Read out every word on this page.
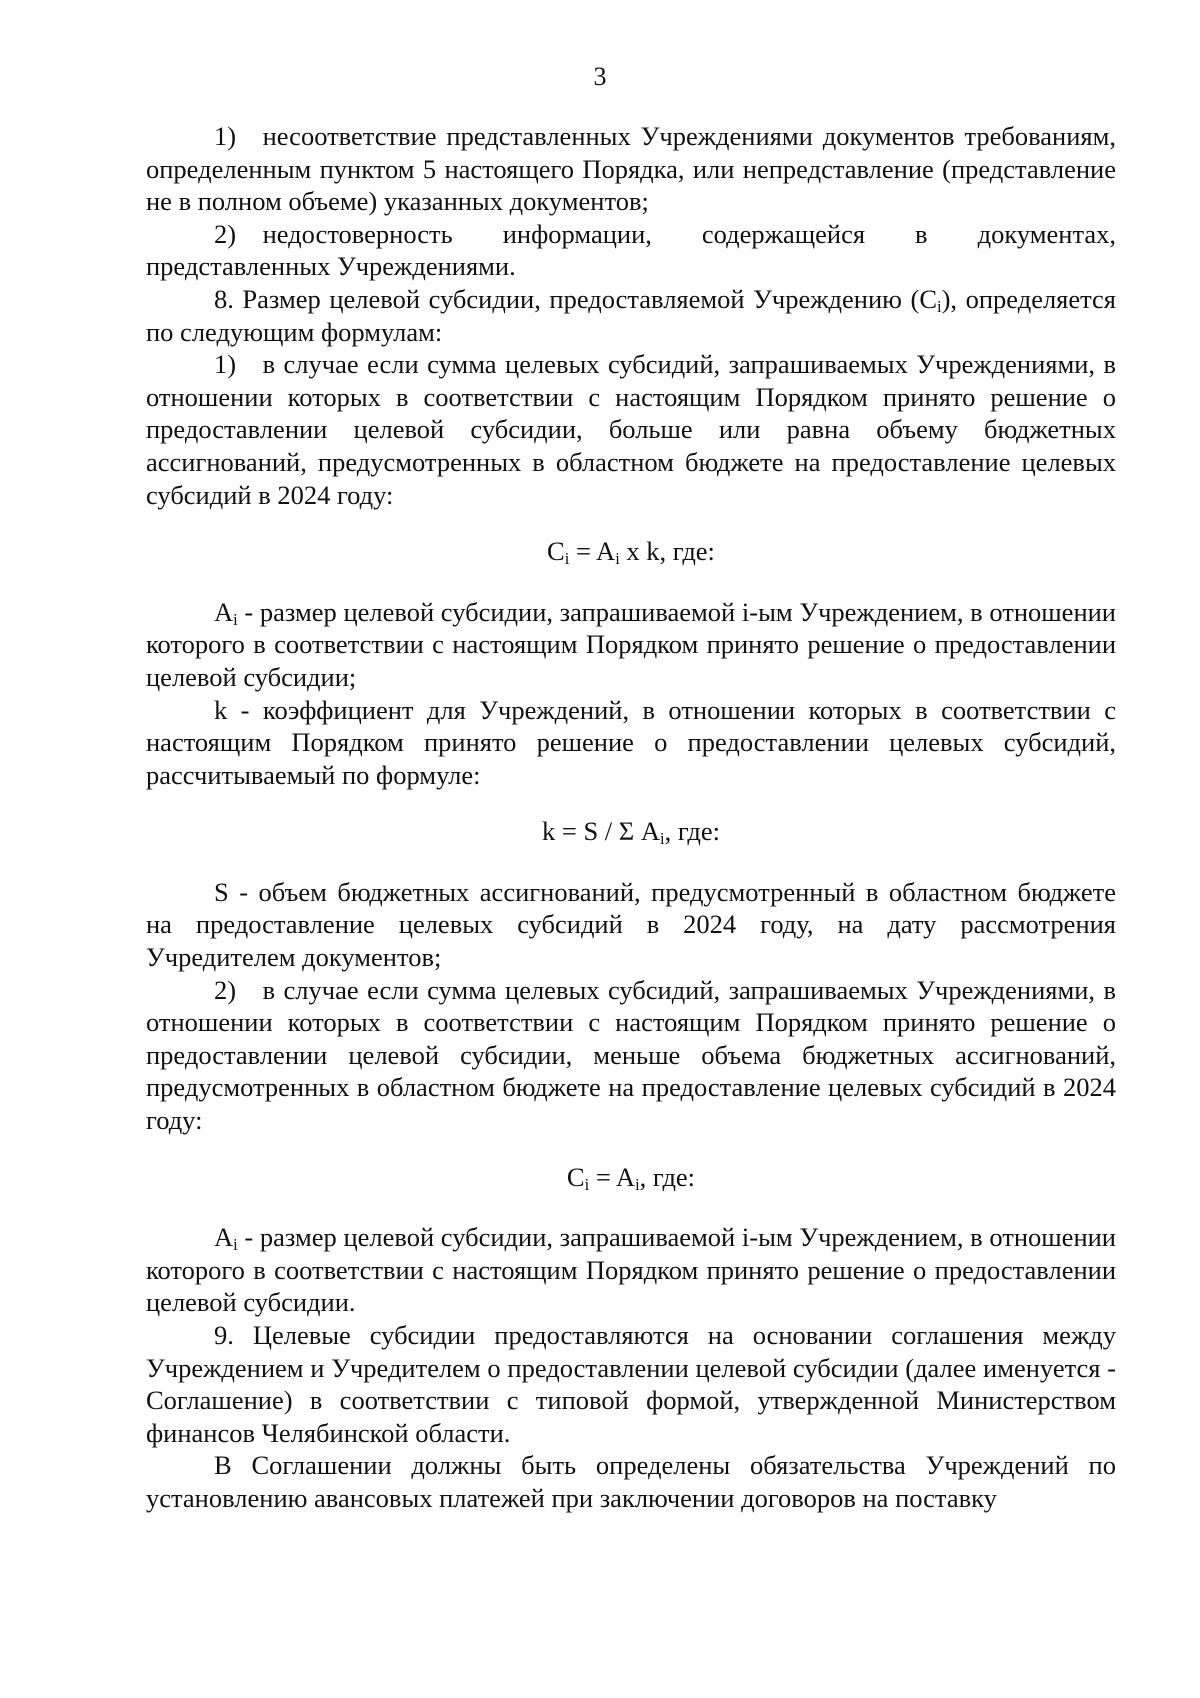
3

1) несоответствие представленных Учреждениями документов требованиям, определенным пунктом 5 настоящего Порядка, или непредставление (представление не в полном объеме) указанных документов;

2) недостоверность информации, содержащейся в документах, представленных Учреждениями.

8. Размер целевой субсидии, предоставляемой Учреждению $(C_i)$, определяется по следующим формулам:

1) в случае если сумма целевых субсидий, запрашиваемых Учреждениями, в отношении которых в соответствии с настоящим Порядком принято решение о предоставлении целевой субсидии, больше или равна объему бюджетных ассигнований, предусмотренных в областном бюджете на предоставление целевых субсидий в 2024 году:

$C_i = A_i$ x k, где:

$A_i$ - размер целевой субсидии, запрашиваемой i-ым Учреждением, в отношении которого в соответствии с настоящим Порядком принято решение о предоставлении целевой субсидии;

k - коэффициент для Учреждений, в отношении которых в соответствии с настоящим Порядком принято решение о предоставлении целевых субсидий, рассчитываемый по формуле:

k = S / Σ $A_i$, где:

S - объем бюджетных ассигнований, предусмотренный в областном бюджете на предоставление целевых субсидий в 2024 году, на дату рассмотрения Учредителем документов;

2) в случае если сумма целевых субсидий, запрашиваемых Учреждениями, в отношении которых в соответствии с настоящим Порядком принято решение о предоставлении целевой субсидии, меньше объема бюджетных ассигнований, предусмотренных в областном бюджете на предоставление целевых субсидий в 2024 году:

$C_i = A_i$, где:

$A_i$ - размер целевой субсидии, запрашиваемой i-ым Учреждением, в отношении которого в соответствии с настоящим Порядком принято решение о предоставлении целевой субсидии.

9. Целевые субсидии предоставляются на основании соглашения между Учреждением и Учредителем о предоставлении целевой субсидии (далее именуется - Соглашение) в соответствии с типовой формой, утвержденной Министерством финансов Челябинской области.

В Соглашении должны быть определены обязательства Учреждений по установлению авансовых платежей при заключении договоров на поставку
